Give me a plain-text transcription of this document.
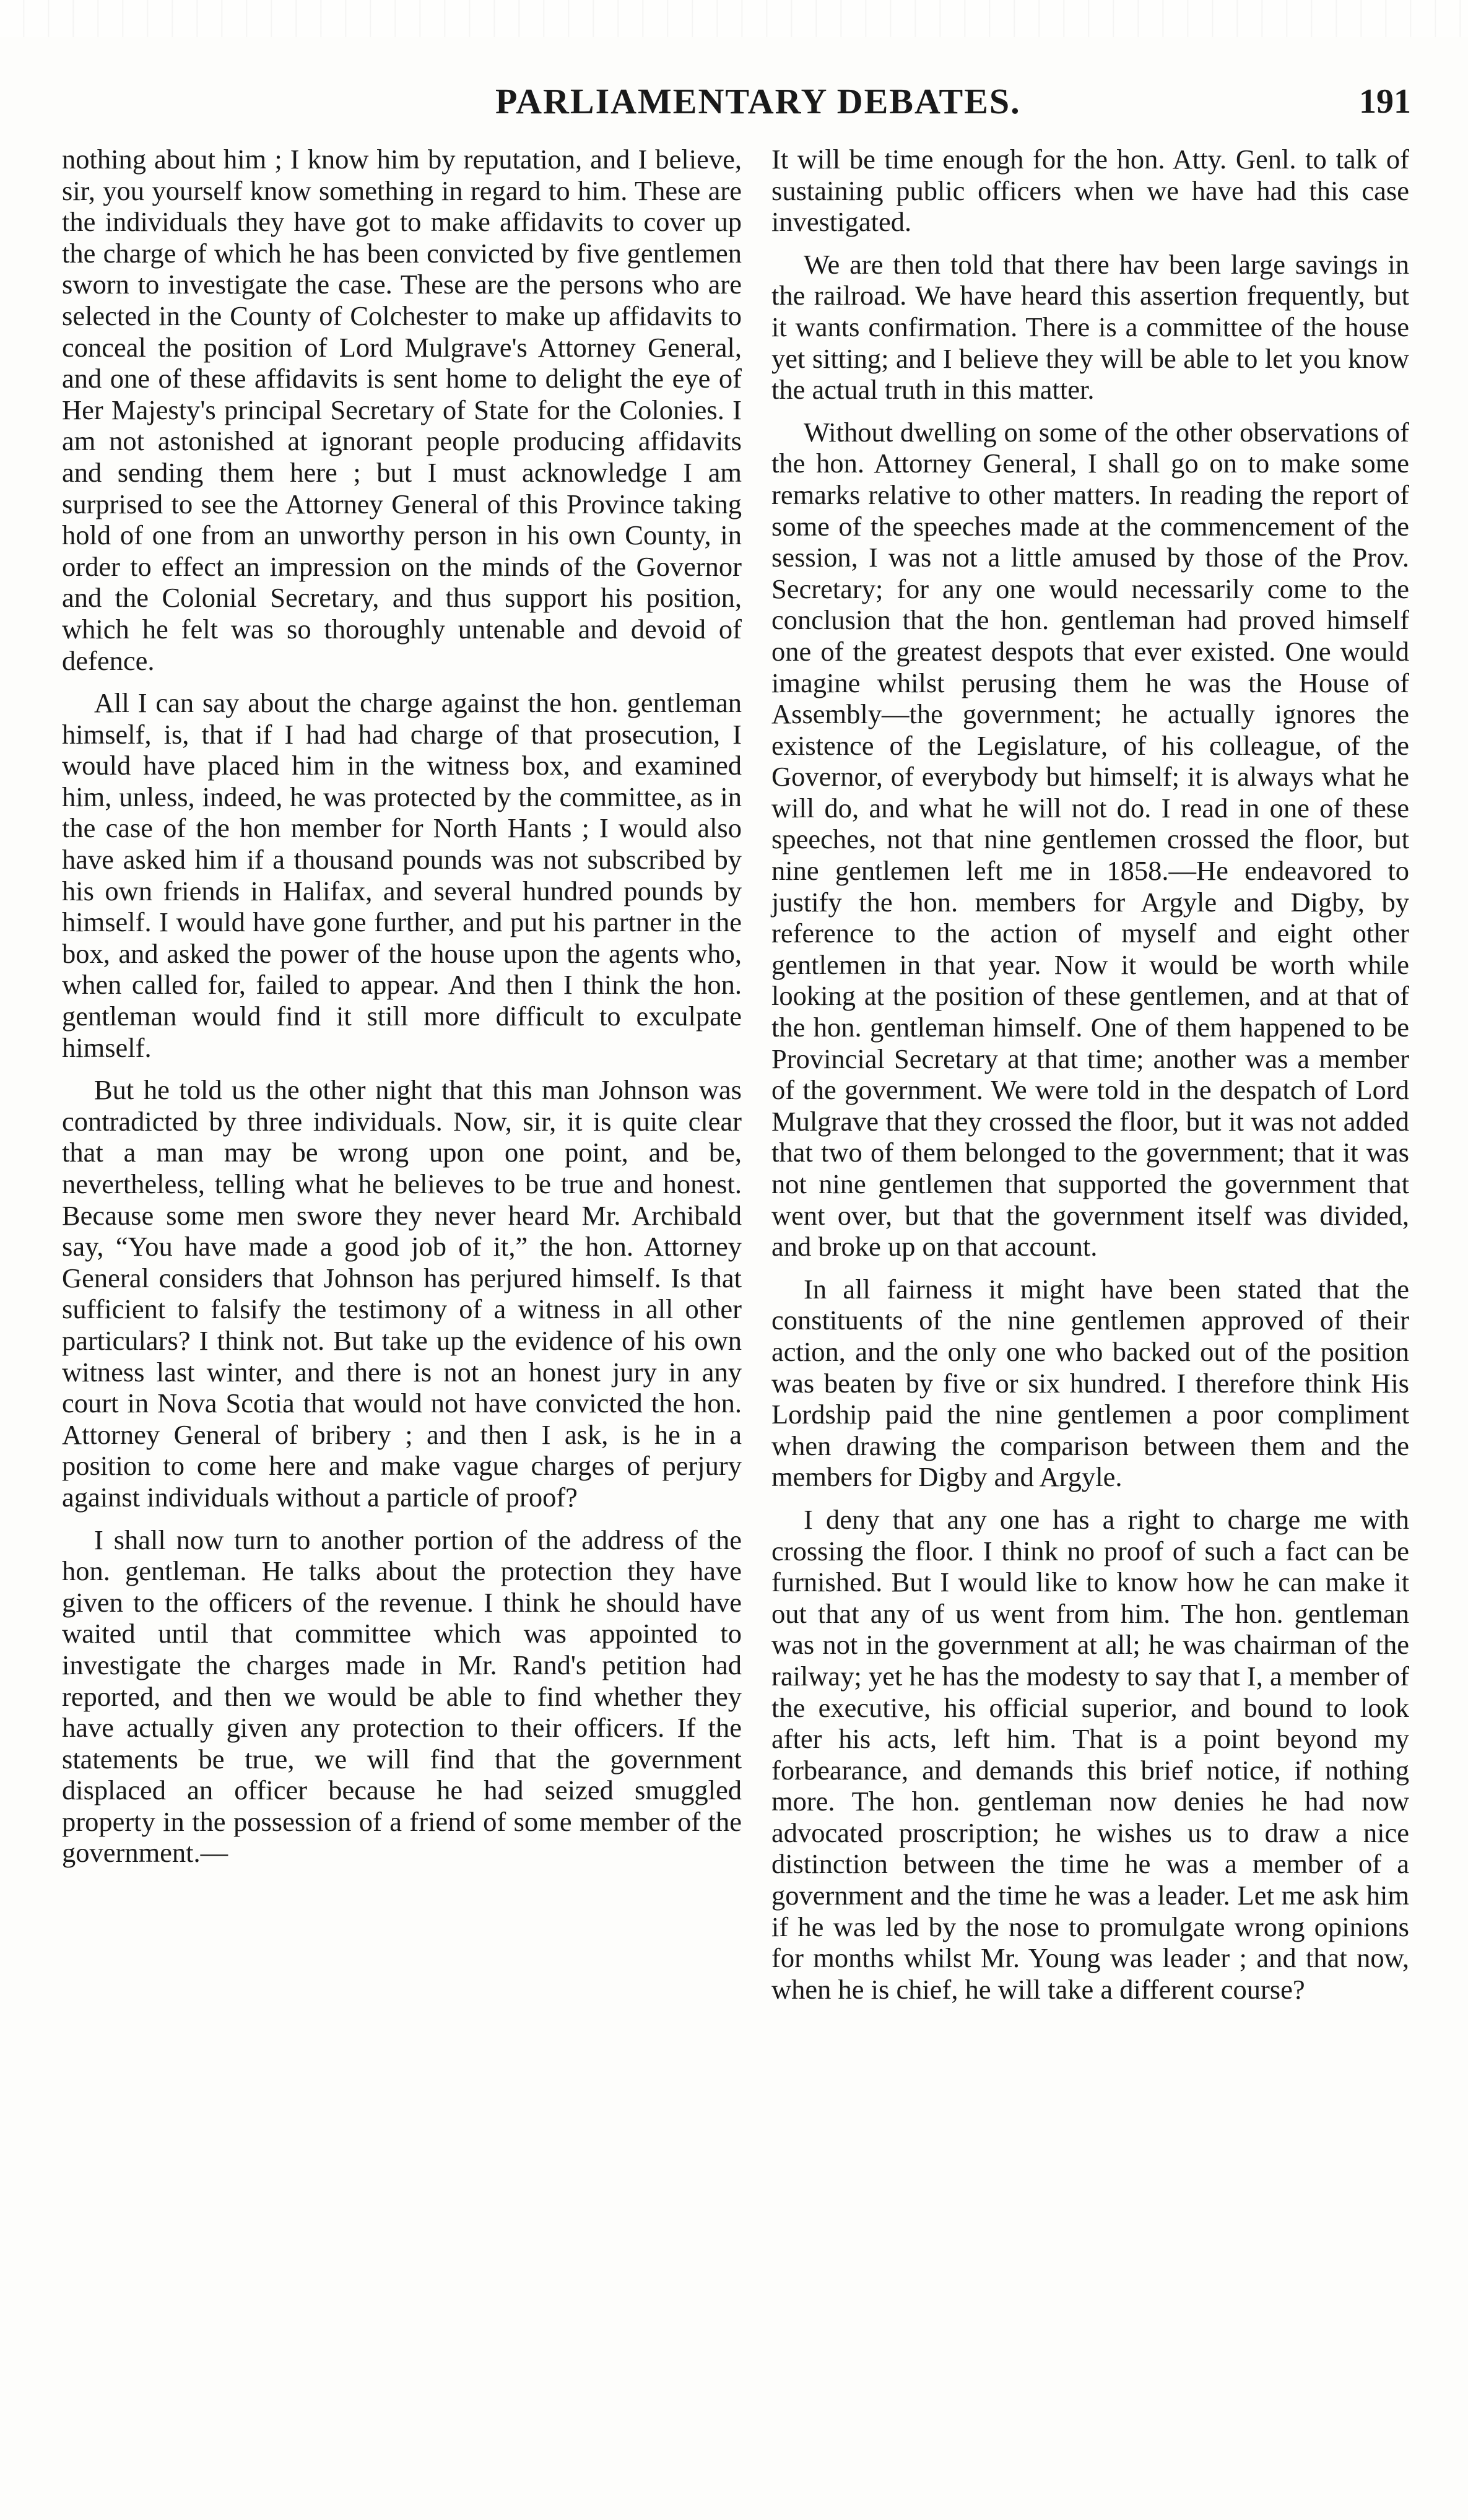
PARLIAMENTARY DEBATES.	191

nothing about him ; I know him by reputation, and I believe, sir, you yourself know something in regard to him. These are the individuals they have got to make affidavits to cover up the charge of which he has been convicted by five gentlemen sworn to investigate the case. These are the persons who are selected in the County of Colchester to make up affidavits to conceal the position of Lord Mulgrave's Attorney General, and one of these affidavits is sent home to delight the eye of Her Majesty's principal Secretary of State for the Colonies. I am not astonished at ignorant people producing affidavits and sending them here ; but I must acknowledge I am surprised to see the Attorney General of this Province taking hold of one from an unworthy person in his own County, in order to effect an impression on the minds of the Governor and the Colonial Secretary, and thus support his position, which he felt was so thoroughly untenable and devoid of defence.

All I can say about the charge against the hon. gentleman himself, is, that if I had had charge of that prosecution, I would have placed him in the witness box, and examined him, unless, indeed, he was protected by the committee, as in the case of the hon member for North Hants ; I would also have asked him if a thousand pounds was not subscribed by his own friends in Halifax, and several hundred pounds by himself. I would have gone further, and put his partner in the box, and asked the power of the house upon the agents who, when called for, failed to appear. And then I think the hon. gentleman would find it still more difficult to exculpate himself.

But he told us the other night that this man Johnson was contradicted by three individuals. Now, sir, it is quite clear that a man may be wrong upon one point, and be, nevertheless, telling what he believes to be true and honest. Because some men swore they never heard Mr. Archibald say, “You have made a good job of it,” the hon. Attorney General considers that Johnson has perjured himself. Is that sufficient to falsify the testimony of a witness in all other particulars? I think not. But take up the evidence of his own witness last winter, and there is not an honest jury in any court in Nova Scotia that would not have convicted the hon. Attorney General of bribery ; and then I ask, is he in a position to come here and make vague charges of perjury against individuals without a particle of proof?

I shall now turn to another portion of the address of the hon. gentleman. He talks about the protection they have given to the officers of the revenue. I think he should have waited until that committee which was appointed to investigate the charges made in Mr. Rand's petition had reported, and then we would be able to find whether they have actually given any protection to their officers. If the statements be true, we will find that the government displaced an officer because he had seized smuggled property in the possession of a friend of some member of the government.—

It will be time enough for the hon. Atty. Genl. to talk of sustaining public officers when we have had this case investigated.

We are then told that there hav been large savings in the railroad. We have heard this assertion frequently, but it wants confirmation. There is a committee of the house yet sitting; and I believe they will be able to let you know the actual truth in this matter.

Without dwelling on some of the other observations of the hon. Attorney General, I shall go on to make some remarks relative to other matters. In reading the report of some of the speeches made at the commencement of the session, I was not a little amused by those of the Prov. Secretary; for any one would necessarily come to the conclusion that the hon. gentleman had proved himself one of the greatest despots that ever existed. One would imagine whilst perusing them he was the House of Assembly—the government; he actually ignores the existence of the Legislature, of his colleague, of the Governor, of everybody but himself; it is always what he will do, and what he will not do. I read in one of these speeches, not that nine gentlemen crossed the floor, but nine gentlemen left me in 1858.—He endeavored to justify the hon. members for Argyle and Digby, by reference to the action of myself and eight other gentlemen in that year. Now it would be worth while looking at the position of these gentlemen, and at that of the hon. gentleman himself. One of them happened to be Provincial Secretary at that time; another was a member of the government. We were told in the despatch of Lord Mulgrave that they crossed the floor, but it was not added that two of them belonged to the government; that it was not nine gentlemen that supported the government that went over, but that the government itself was divided, and broke up on that account.

In all fairness it might have been stated that the constituents of the nine gentlemen approved of their action, and the only one who backed out of the position was beaten by five or six hundred. I therefore think His Lordship paid the nine gentlemen a poor compliment when drawing the comparison between them and the members for Digby and Argyle.

I deny that any one has a right to charge me with crossing the floor. I think no proof of such a fact can be furnished. But I would like to know how he can make it out that any of us went from him. The hon. gentleman was not in the government at all; he was chairman of the railway; yet he has the modesty to say that I, a member of the executive, his official superior, and bound to look after his acts, left him. That is a point beyond my forbearance, and demands this brief notice, if nothing more. The hon. gentleman now denies he had now advocated proscription; he wishes us to draw a nice distinction between the time he was a member of a government and the time he was a leader. Let me ask him if he was led by the nose to promulgate wrong opinions for months whilst Mr. Young was leader ; and that now, when he is chief, he will take a different course?
